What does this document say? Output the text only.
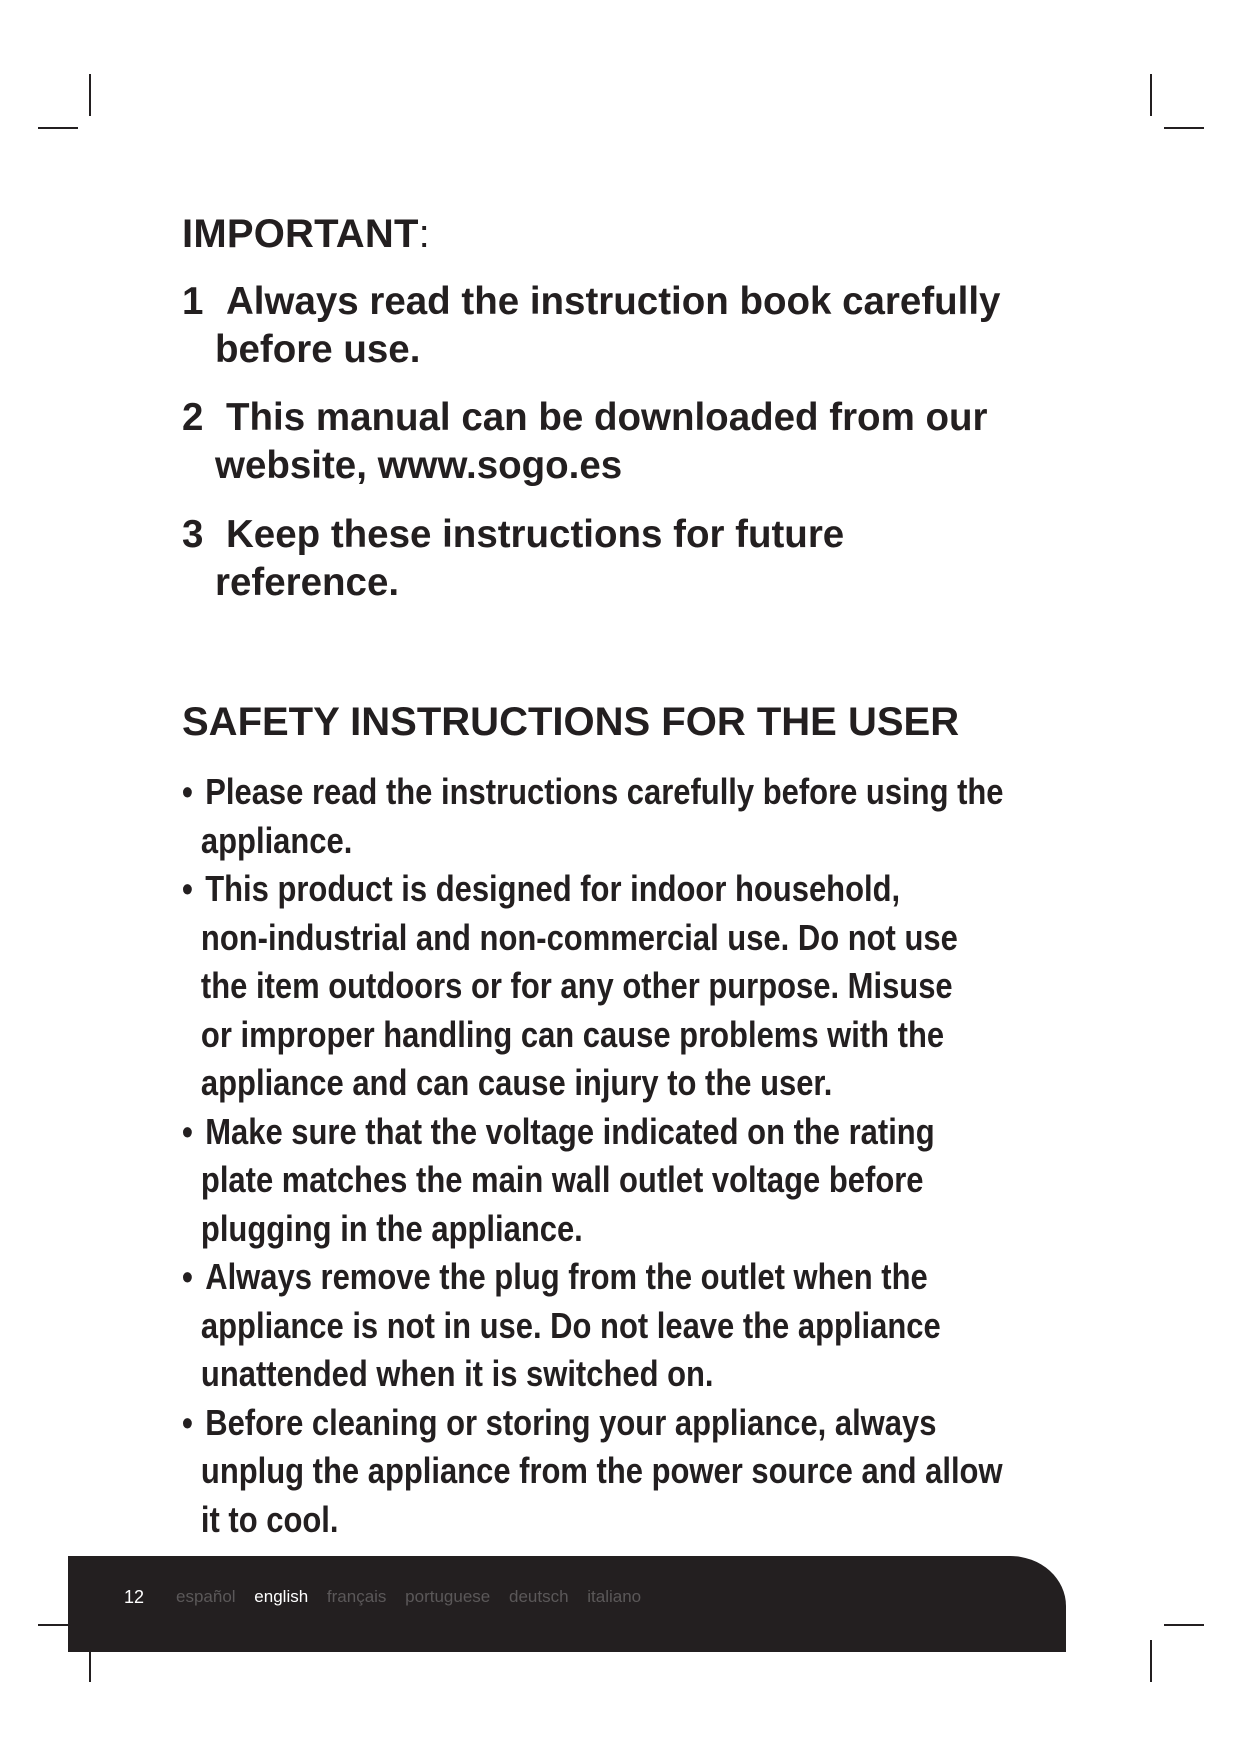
IMPORTANT:
1 Always read the instruction book carefully
before use.
2 This manual can be downloaded from our
website, www.sogo.es
3 Keep these instructions for future
reference.
SAFETY INSTRUCTIONS FOR THE USER
• Please read the instructions carefully before using the
appliance.
• This product is designed for indoor household,
non-industrial and non-commercial use. Do not use
the item outdoors or for any other purpose. Misuse
or improper handling can cause problems with the
appliance and can cause injury to the user.
• Make sure that the voltage indicated on the rating
plate matches the main wall outlet voltage before
plugging in the appliance.
• Always remove the plug from the outlet when the
appliance is not in use. Do not leave the appliance
unattended when it is switched on.
• Before cleaning or storing your appliance, always
unplug the appliance from the power source and allow
it to cool.
12 español english français portuguese deutsch italiano
